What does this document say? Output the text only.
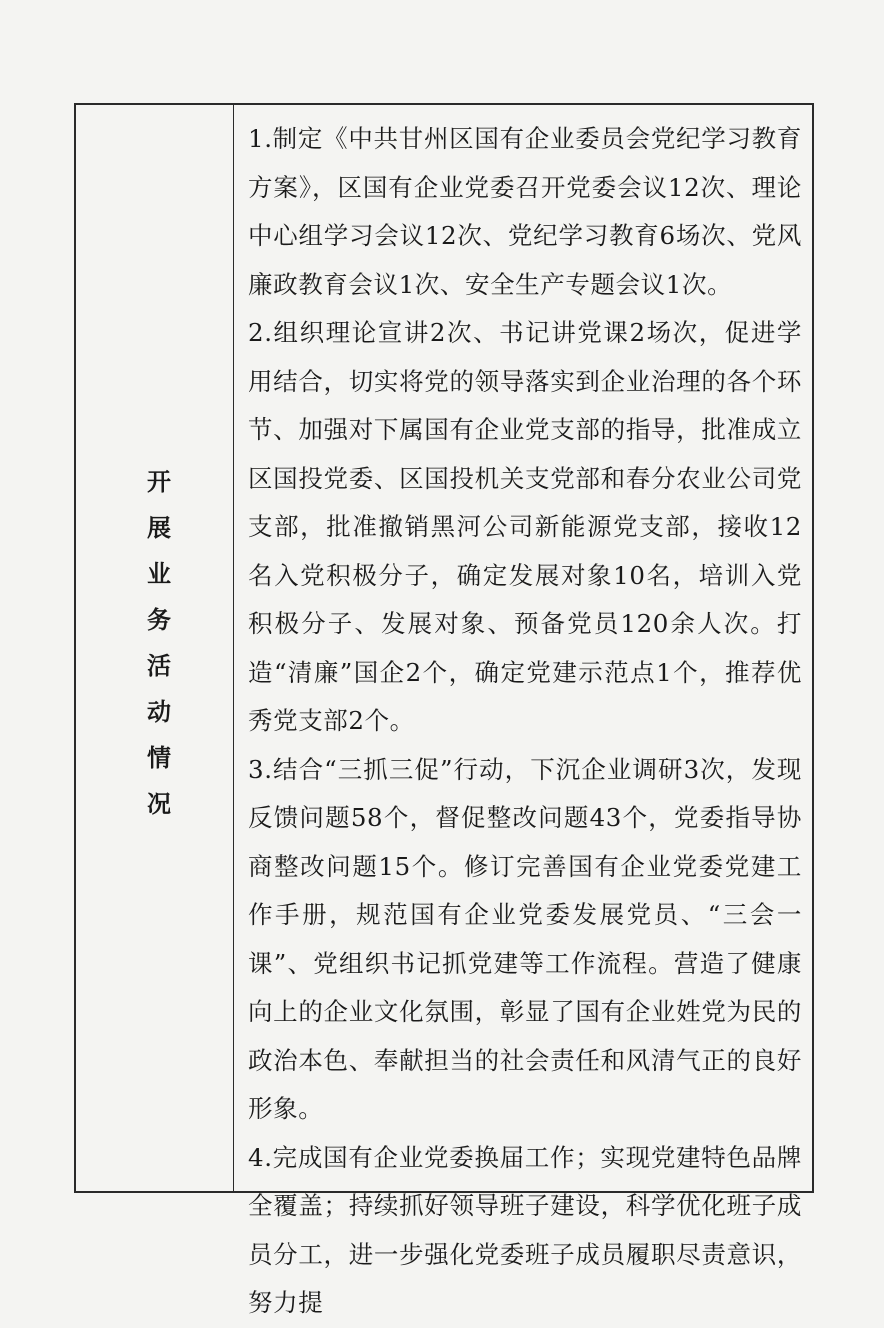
开展业务活动情况

1.制定《中共甘州区国有企业委员会党纪学习教育方案》，区国有企业党委召开党委会议12次、理论中心组学习会议12次、党纪学习教育6场次、党风廉政教育会议1次、安全生产专题会议1次。

2.组织理论宣讲2次、书记讲党课2场次，促进学用结合，切实将党的领导落实到企业治理的各个环节、加强对下属国有企业党支部的指导，批准成立区国投党委、区国投机关支党部和春分农业公司党支部，批准撤销黑河公司新能源党支部，接收12名入党积极分子，确定发展对象10名，培训入党积极分子、发展对象、预备党员120余人次。打造“清廉”国企2个，确定党建示范点1个，推荐优秀党支部2个。

3.结合“三抓三促”行动，下沉企业调研3次，发现反馈问题58个，督促整改问题43个，党委指导协商整改问题15个。修订完善国有企业党委党建工作手册，规范国有企业党委发展党员、“三会一课”、党组织书记抓党建等工作流程。营造了健康向上的企业文化氛围，彰显了国有企业姓党为民的政治本色、奉献担当的社会责任和风清气正的良好形象。

4.完成国有企业党委换届工作；实现党建特色品牌全覆盖；持续抓好领导班子建设，科学优化班子成员分工，进一步强化党委班子成员履职尽责意识，努力提
